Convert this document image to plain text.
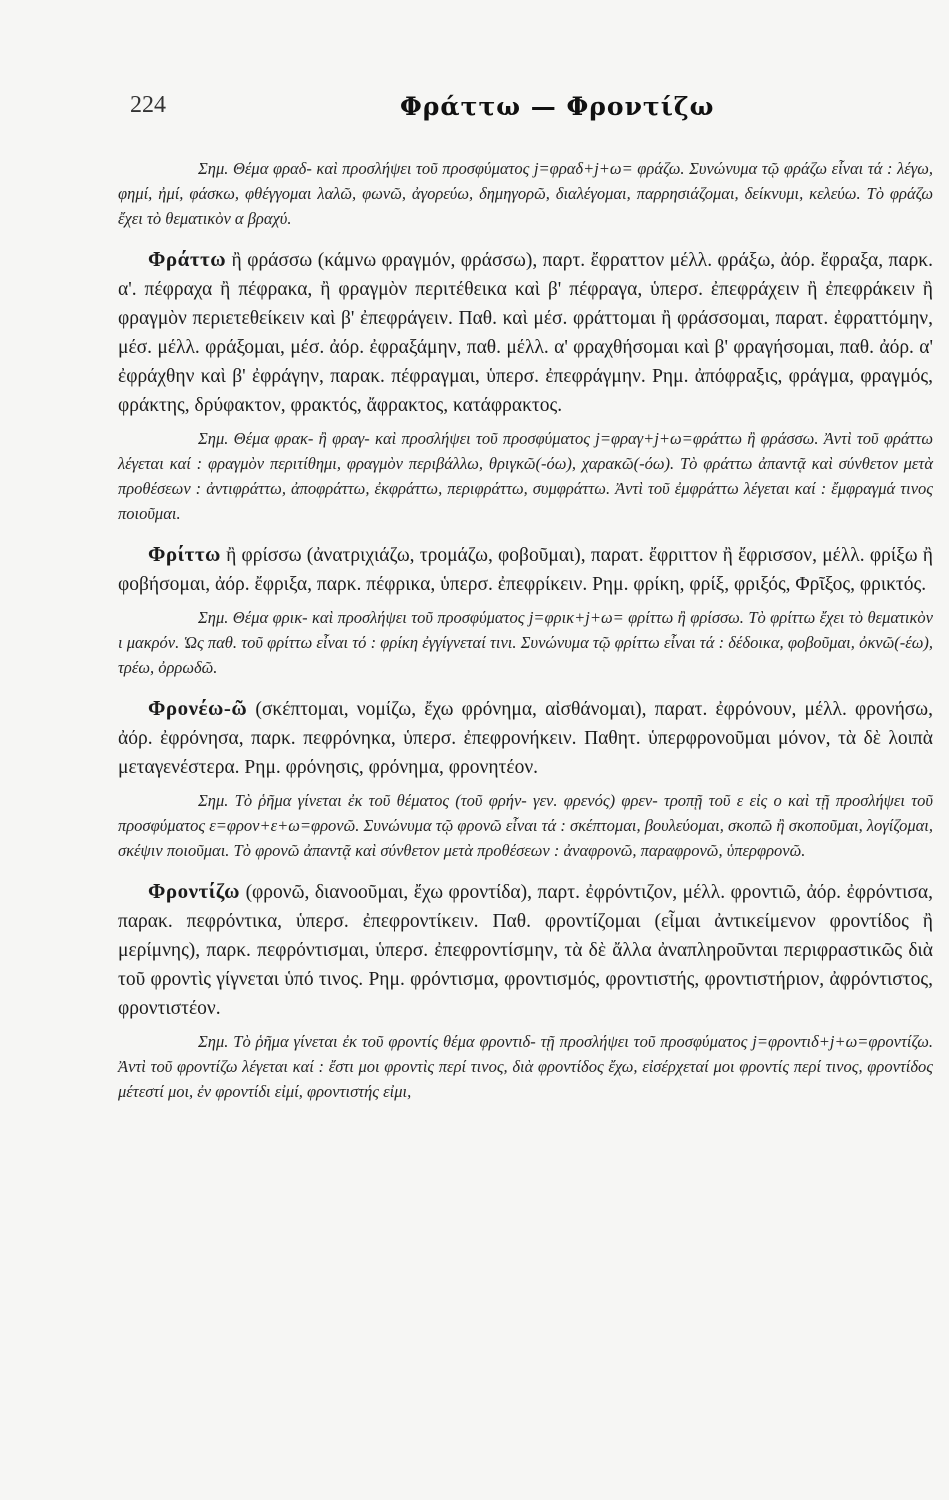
224	Φράττω — Φροντίζω

Σημ. Θέμα φραδ- καὶ προσλήψει τοῦ προσφύματος j=φραδ+j+ω= φράζω. Συνώνυμα τῷ φράζω εἶναι τά : λέγω, φημί, ἠμί, φάσκω, φθέγγομαι λαλῶ, φωνῶ, ἀγορεύω, δημηγορῶ, διαλέγομαι, παρρησιάζομαι, δείκνυμι, κελεύω. Τὸ φράζω ἔχει τὸ θεματικὸν α βραχύ.

Φράττω ἢ φράσσω (κάμνω φραγμόν, φράσσω), παρτ. ἔφραττον μέλλ. φράξω, ἀόρ. ἔφραξα, παρκ. α'. πέφραχα ἢ πέφρακα, ἢ φραγμὸν περιτέθεικα καὶ β' πέφραγα, ὑπερσ. ἐπεφράχειν ἢ ἐπεφράκειν ἢ φραγμὸν περιετεθείκειν καὶ β' ἐπεφράγειν. Παθ. καὶ μέσ. φράττομαι ἢ φράσσομαι, παρατ. ἐφραττόμην, μέσ. μέλλ. φράξομαι, μέσ. ἀόρ. ἐφραξάμην, παθ. μέλλ. α' φραχθήσομαι καὶ β' φραγήσομαι, παθ. ἀόρ. α' ἐφράχθην καὶ β' ἐφράγην, παρακ. πέφραγμαι, ὑπερσ. ἐπεφράγμην. Ρημ. ἀπόφραξις, φράγμα, φραγμός, φράκτης, δρύφακτον, φρακτός, ἄφρακτος, κατάφρακτος.

Σημ. Θέμα φρακ- ἢ φραγ- καὶ προσλήψει τοῦ προσφύματος j=φραγ+j+ω=φράττω ἢ φράσσω. Ἀντὶ τοῦ φράττω λέγεται καί : φραγμὸν περιτίθημι, φραγμὸν περιβάλλω, θριγκῶ(-όω), χαρακῶ(-όω). Τὸ φράττω ἀπαντᾷ καὶ σύνθετον μετὰ προθέσεων : ἀντιφράττω, ἀποφράττω, ἐκφράττω, περιφράττω, συμφράττω. Ἀντὶ τοῦ ἐμφράττω λέγεται καί : ἔμφραγμά τινος ποιοῦμαι.

Φρίττω ἢ φρίσσω (ἀνατριχιάζω, τρομάζω, φοβοῦμαι), παρατ. ἔφριττον ἢ ἔφρισσον, μέλλ. φρίξω ἢ φοβήσομαι, ἀόρ. ἔφριξα, παρκ. πέφρικα, ὑπερσ. ἐπεφρίκειν. Ρημ. φρίκη, φρίξ, φριξός, Φρῖξος, φρικτός.

Σημ. Θέμα φρικ- καὶ προσλήψει τοῦ προσφύματος j=φρικ+j+ω= φρίττω ἢ φρίσσω. Τὸ φρίττω ἔχει τὸ θεματικὸν ι μακρόν. Ὡς παθ. τοῦ φρίττω εἶναι τό : φρίκη ἐγγίγνεταί τινι. Συνώνυμα τῷ φρίττω εἶναι τά : δέδοικα, φοβοῦμαι, ὀκνῶ(-έω), τρέω, ὀρρωδῶ.

Φρονέω-ῶ (σκέπτομαι, νομίζω, ἔχω φρόνημα, αἰσθάνομαι), παρατ. ἐφρόνουν, μέλλ. φρονήσω, ἀόρ. ἐφρόνησα, παρκ. πεφρόνηκα, ὑπερσ. ἐπεφρονήκειν. Παθητ. ὑπερφρονοῦμαι μόνον, τὰ δὲ λοιπὰ μεταγενέστερα. Ρημ. φρόνησις, φρόνημα, φρονητέον.

Σημ. Τὸ ῥῆμα γίνεται ἐκ τοῦ θέματος (τοῦ φρήν- γεν. φρενός) φρεν- τροπῇ τοῦ ε εἰς ο καὶ τῇ προσλήψει τοῦ προσφύματος ε=φρον+ε+ω=φρονῶ. Συνώνυμα τῷ φρονῶ εἶναι τά : σκέπτομαι, βουλεύομαι, σκοπῶ ἢ σκοποῦμαι, λογίζομαι, σκέψιν ποιοῦμαι. Τὸ φρονῶ ἀπαντᾷ καὶ σύνθετον μετὰ προθέσεων : ἀναφρονῶ, παραφρονῶ, ὑπερφρονῶ.

Φροντίζω (φρονῶ, διανοοῦμαι, ἔχω φροντίδα), παρτ. ἐφρόντιζον, μέλλ. φροντιῶ, ἀόρ. ἐφρόντισα, παρακ. πεφρόντικα, ὑπερσ. ἐπεφροντίκειν. Παθ. φροντίζομαι (εἶμαι ἀντικείμενον φροντίδος ἢ μερίμνης), παρκ. πεφρόντισμαι, ὑπερσ. ἐπεφροντίσμην, τὰ δὲ ἄλλα ἀναπληροῦνται περιφραστικῶς διὰ τοῦ φροντὶς γίγνεται ὑπό τινος. Ρημ. φρόντισμα, φροντισμός, φροντιστής, φροντιστήριον, ἀφρόντιστος, φροντιστέον.

Σημ. Τὸ ῥῆμα γίνεται ἐκ τοῦ φροντίς θέμα φροντιδ- τῇ προσλήψει τοῦ προσφύματος j=φροντιδ+j+ω=φροντίζω. Ἀντὶ τοῦ φροντίζω λέγεται καί : ἔστι μοι φροντὶς περί τινος, διὰ φροντίδος ἔχω, εἰσέρχεταί μοι φροντίς περί τινος, φροντίδος μέτεστί μοι, ἐν φροντίδι εἰμί, φροντιστής εἰμι,
